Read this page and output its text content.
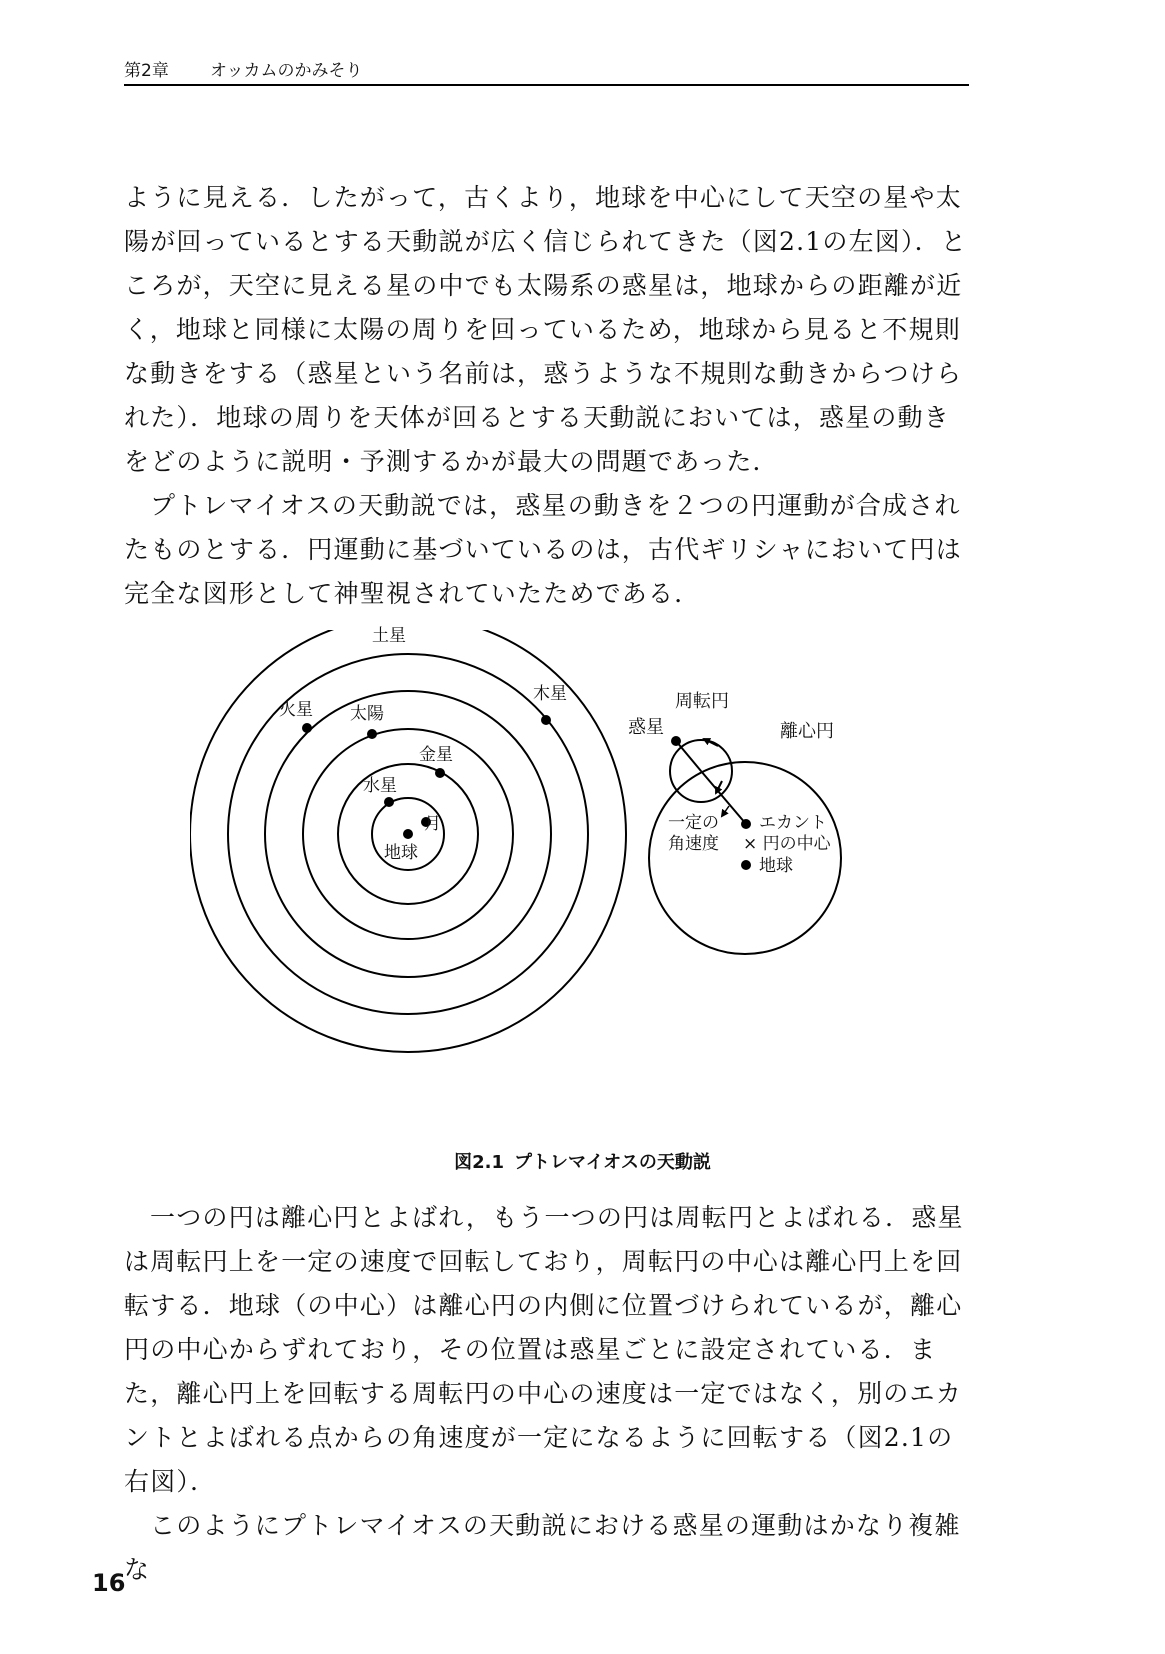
第2章 オッカムのかみそり

ように見える．したがって，古くより，地球を中心にして天空の星や太陽が回っているとする天動説が広く信じられてきた（図2.1の左図）．ところが，天空に見える星の中でも太陽系の惑星は，地球からの距離が近く，地球と同様に太陽の周りを回っているため，地球から見ると不規則な動きをする（惑星という名前は，惑うような不規則な動きからつけられた）．地球の周りを天体が回るとする天動説においては，惑星の動きをどのように説明・予測するかが最大の問題であった．

プトレマイオスの天動説では，惑星の動きを２つの円運動が合成されたものとする．円運動に基づいているのは，古代ギリシャにおいて円は完全な図形として神聖視されていたためである．

土星
木星
火星 太陽
金星
水星
月
地球
周転円
惑星	離心円
一定の
角速度
エカント
× 円の中心
地球
図2.1 プトレマイオスの天動説

一つの円は離心円とよばれ，もう一つの円は周転円とよばれる．惑星は周転円上を一定の速度で回転しており，周転円の中心は離心円上を回転する．地球（の中心）は離心円の内側に位置づけられているが，離心円の中心からずれており，その位置は惑星ごとに設定されている．また，離心円上を回転する周転円の中心の速度は一定ではなく，別のエカントとよばれる点からの角速度が一定になるように回転する（図2.1の右図）．

このようにプトレマイオスの天動説における惑星の運動はかなり複雑な

16
